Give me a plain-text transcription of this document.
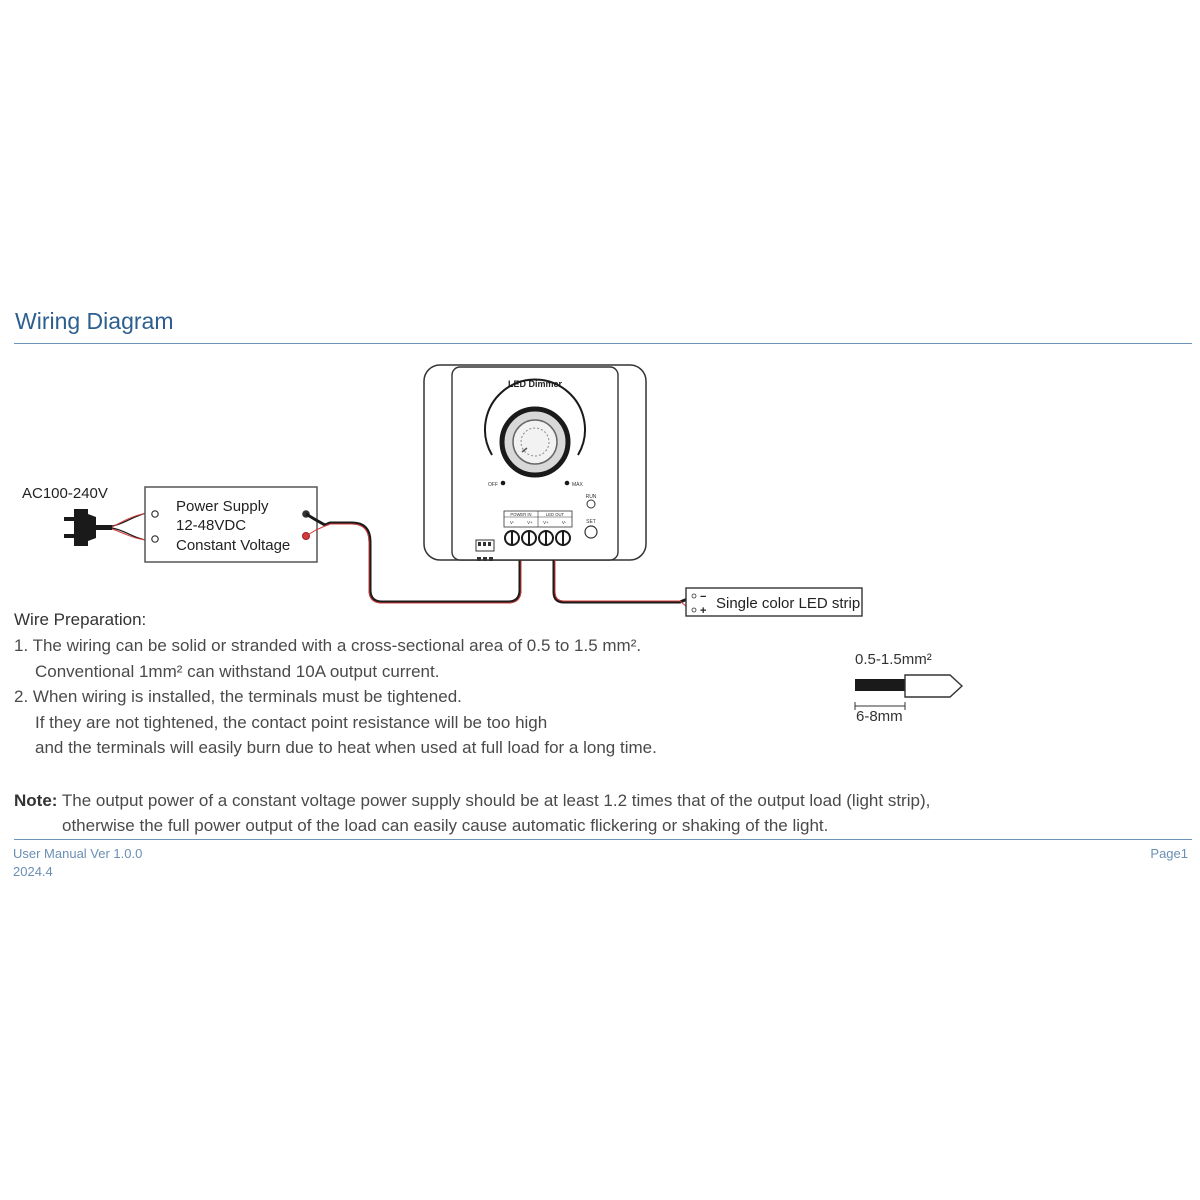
Wiring Diagram
AC100-240V
Power Supply
12-48VDC
Constant Voltage
LED Dimmer
OFF	MAX
RUN
SET
POWER IN	LED OUT
V-	V+ V+	V-
−
+ Single color LED strip
Wire Preparation:
1. The wiring can be solid or stranded with a cross-sectional area of 0.5 to 1.5 mm².
Conventional 1mm² can withstand 10A output current.
2. When wiring is installed, the terminals must be tightened.
If they are not tightened, the contact point resistance will be too high
and the terminals will easily burn due to heat when used at full load for a long time.
0.5-1.5mm²
6-8mm
Note: The output power of a constant voltage power supply should be at least 1.2 times that of the output load (light strip),
otherwise the full power output of the load can easily cause automatic flickering or shaking of the light.
User Manual Ver 1.0.0
2024.4
Page1
